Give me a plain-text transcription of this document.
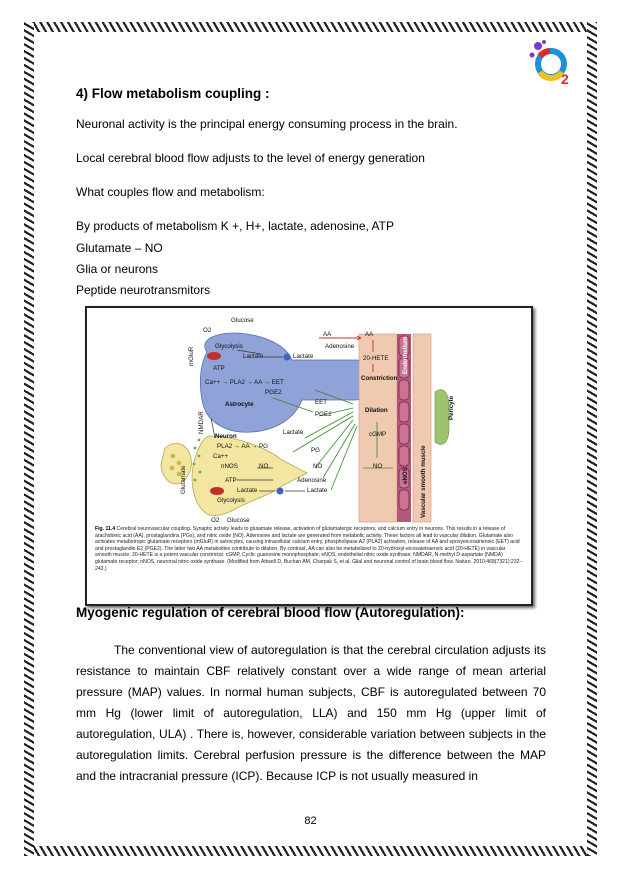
2
4) Flow metabolism coupling :
Neuronal activity is the principal energy consuming process in the brain.
Local cerebral blood flow adjusts to the level of energy generation
What couples flow and metabolism:
By products of metabolism K +, H+, lactate, adenosine, ATP
Glutamate – NO
Glia or neurons
Peptide neurotransmitors
Glucose
O2
Glycolysis
Lactate	Lactate
ATP
mGluR
Ca++ → PLA2 → AA → EET
PGE2
Astrocyte
AA	AA
Adenosine
20-HETE
Constriction
EET
PGE2
Dilation
Lactate	cGMP
PG
Neuron
NMDAR
PLA2 → AA → PG
Ca++
nNOS	NO	NO	NO
ATP	Adenosine
Lactate	Lactate
Glycolysis
Glutamate
O2 Glucose
eNOS
Endothelium
Vascular smooth muscle
Pericyte
Fig. 11.4 Cerebral neurovascular coupling. Synaptic activity leads to glutamate release, activation of glutamatergic receptors, and calcium entry in neurons. This results in a release of arachidonic acid (AA), prostaglandins (PGs), and nitric oxide (NO). Adenosine and lactate are generated from metabolic activity. These factors all lead to vascular dilation. Glutamate also activates metabotropic glutamate receptors (mGluR) in astrocytes, causing intracellular calcium entry, phospholipase A2 (PLA2) activation, release of AA and epoxyeicosatrienoic (EET) acid and prostaglandin E2 (PGE2). The latter two AA metabolites contribute to dilation. By contrast, AA can also be metabolized to 20-hydroxyl-eicosatetraenoic acid (20-HETE) in vascular smooth muscle. 20-HETE is a potent vascular constrictor. cGMP, Cyclic guanosine monophosphate; eNOS, endothelial nitric oxide synthase; NMDAR, N-methyl D-aspartate (NMDA) glutamate receptor; nNOS, neuronal nitric oxide synthase. (Modified from Attwell D, Buchan AM, Charpak S, et al. Glial and neuronal control of brain blood flow. Nature. 2010;468(7321):232–243.)
Myogenic regulation of cerebral blood flow (Autoregulation):
The conventional view of autoregulation is that the cerebral circulation adjusts its resistance to maintain CBF relatively constant over a wide range of mean arterial pressure (MAP) values. In normal human subjects, CBF is autoregulated between 70 mm Hg (lower limit of autoregulation, LLA) and 150 mm Hg (upper limit of autoregulation, ULA) . There is, however, considerable variation between subjects in the autoregulation limits. Cerebral perfusion pressure is the difference between the MAP and the intracranial pressure (ICP). Because ICP is not usually measured in
82
